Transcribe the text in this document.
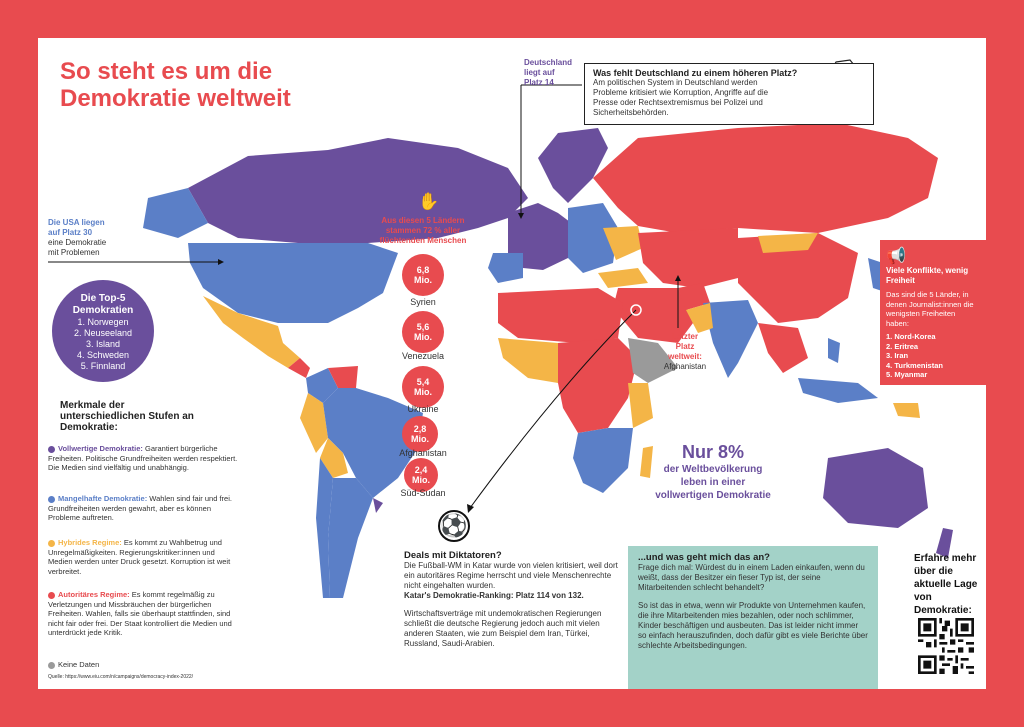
So steht es um die Demokratie weltweit
Die USA liegen
auf Platz 30
eine Demokratie
mit Problemen
Die Top-5 Demokratien
1. Norwegen
2. Neuseeland
3. Island
4. Schweden
5. Finnland
✋
Aus diesen 5 Ländern stammen 72 % aller flüchtenden Menschen
6,8
Mio.
Syrien
5,6
Mio.
Venezuela
5,4
Mio.
Ukraine
2,8
Mio.
Afghanistan
2,4
Mio.
Süd-Sudan
Deutschland
liegt auf
Platz 14
Was fehlt Deutschland zu einem höheren Platz?
Am politischen System in Deutschland werden Probleme kritisiert wie Korruption, Angriffe auf die Presse oder Rechtsextremismus bei Polizei und Sicherheitsbehörden.
📢
Viele Konflikte, wenig Freiheit
Das sind die 5 Länder, in denen Journalist:innen die wenigsten Freiheiten haben:
1. Nord-Korea
2. Eritrea
3. Iran
4. Turkmenistan
5. Myanmar
Letzter
Platz
weltweit:
Afghanistan
Nur 8%
der Weltbevölkerung
leben in einer
vollwertigen Demokratie
Merkmale der unterschiedlichen Stufen an Demokratie:
Vollwertige Demokratie: Garantiert bürgerliche Freiheiten. Politische Grundfreiheiten werden respektiert. Die Medien sind vielfältig und unabhängig.
Mangelhafte Demokratie: Wahlen sind fair und frei. Grundfreiheiten werden gewahrt, aber es können Probleme auftreten.
Hybrides Regime: Es kommt zu Wahlbetrug und Unregelmäßigkeiten. Regierungskritiker:innen und Medien werden unter Druck gesetzt. Korruption ist weit verbreitet.
Autoritäres Regime: Es kommt regelmäßig zu Verletzungen und Missbräuchen der bürgerlichen Freiheiten. Wahlen, falls sie überhaupt stattfinden, sind nicht fair oder frei. Der Staat kontrolliert die Medien und unterdrückt jede Kritik.
Keine Daten
Quelle: https://www.eiu.com/n/campaigns/democracy-index-2022/
⚽
Deals mit Diktatoren?
Die Fußball-WM in Katar wurde von vielen kritisiert, weil dort ein autoritäres Regime herrscht und viele Menschenrechte nicht eingehalten wurden.
Katar's Demokratie-Ranking: Platz 114 von 132.
Wirtschaftsverträge mit undemokratischen Regierungen schließt die deutsche Regierung jedoch auch mit vielen anderen Staaten, wie zum Beispiel dem Iran, Türkei, Russland, Saudi-Arabien.
...und was geht mich das an?
Frage dich mal: Würdest du in einem Laden einkaufen, wenn du weißt, dass der Besitzer ein fieser Typ ist, der seine Mitarbeitenden schlecht behandelt?
So ist das in etwa, wenn wir Produkte von Unternehmen kaufen, die ihre Mitarbeitenden mies bezahlen, oder noch schlimmer, Kinder beschäftigen und ausbeuten. Das ist leider nicht immer so einfach herauszufinden, doch dafür gibt es viele Berichte über schlechte Arbeitsbedingungen.
Erfahre mehr über die aktuelle Lage von Demokratie:
